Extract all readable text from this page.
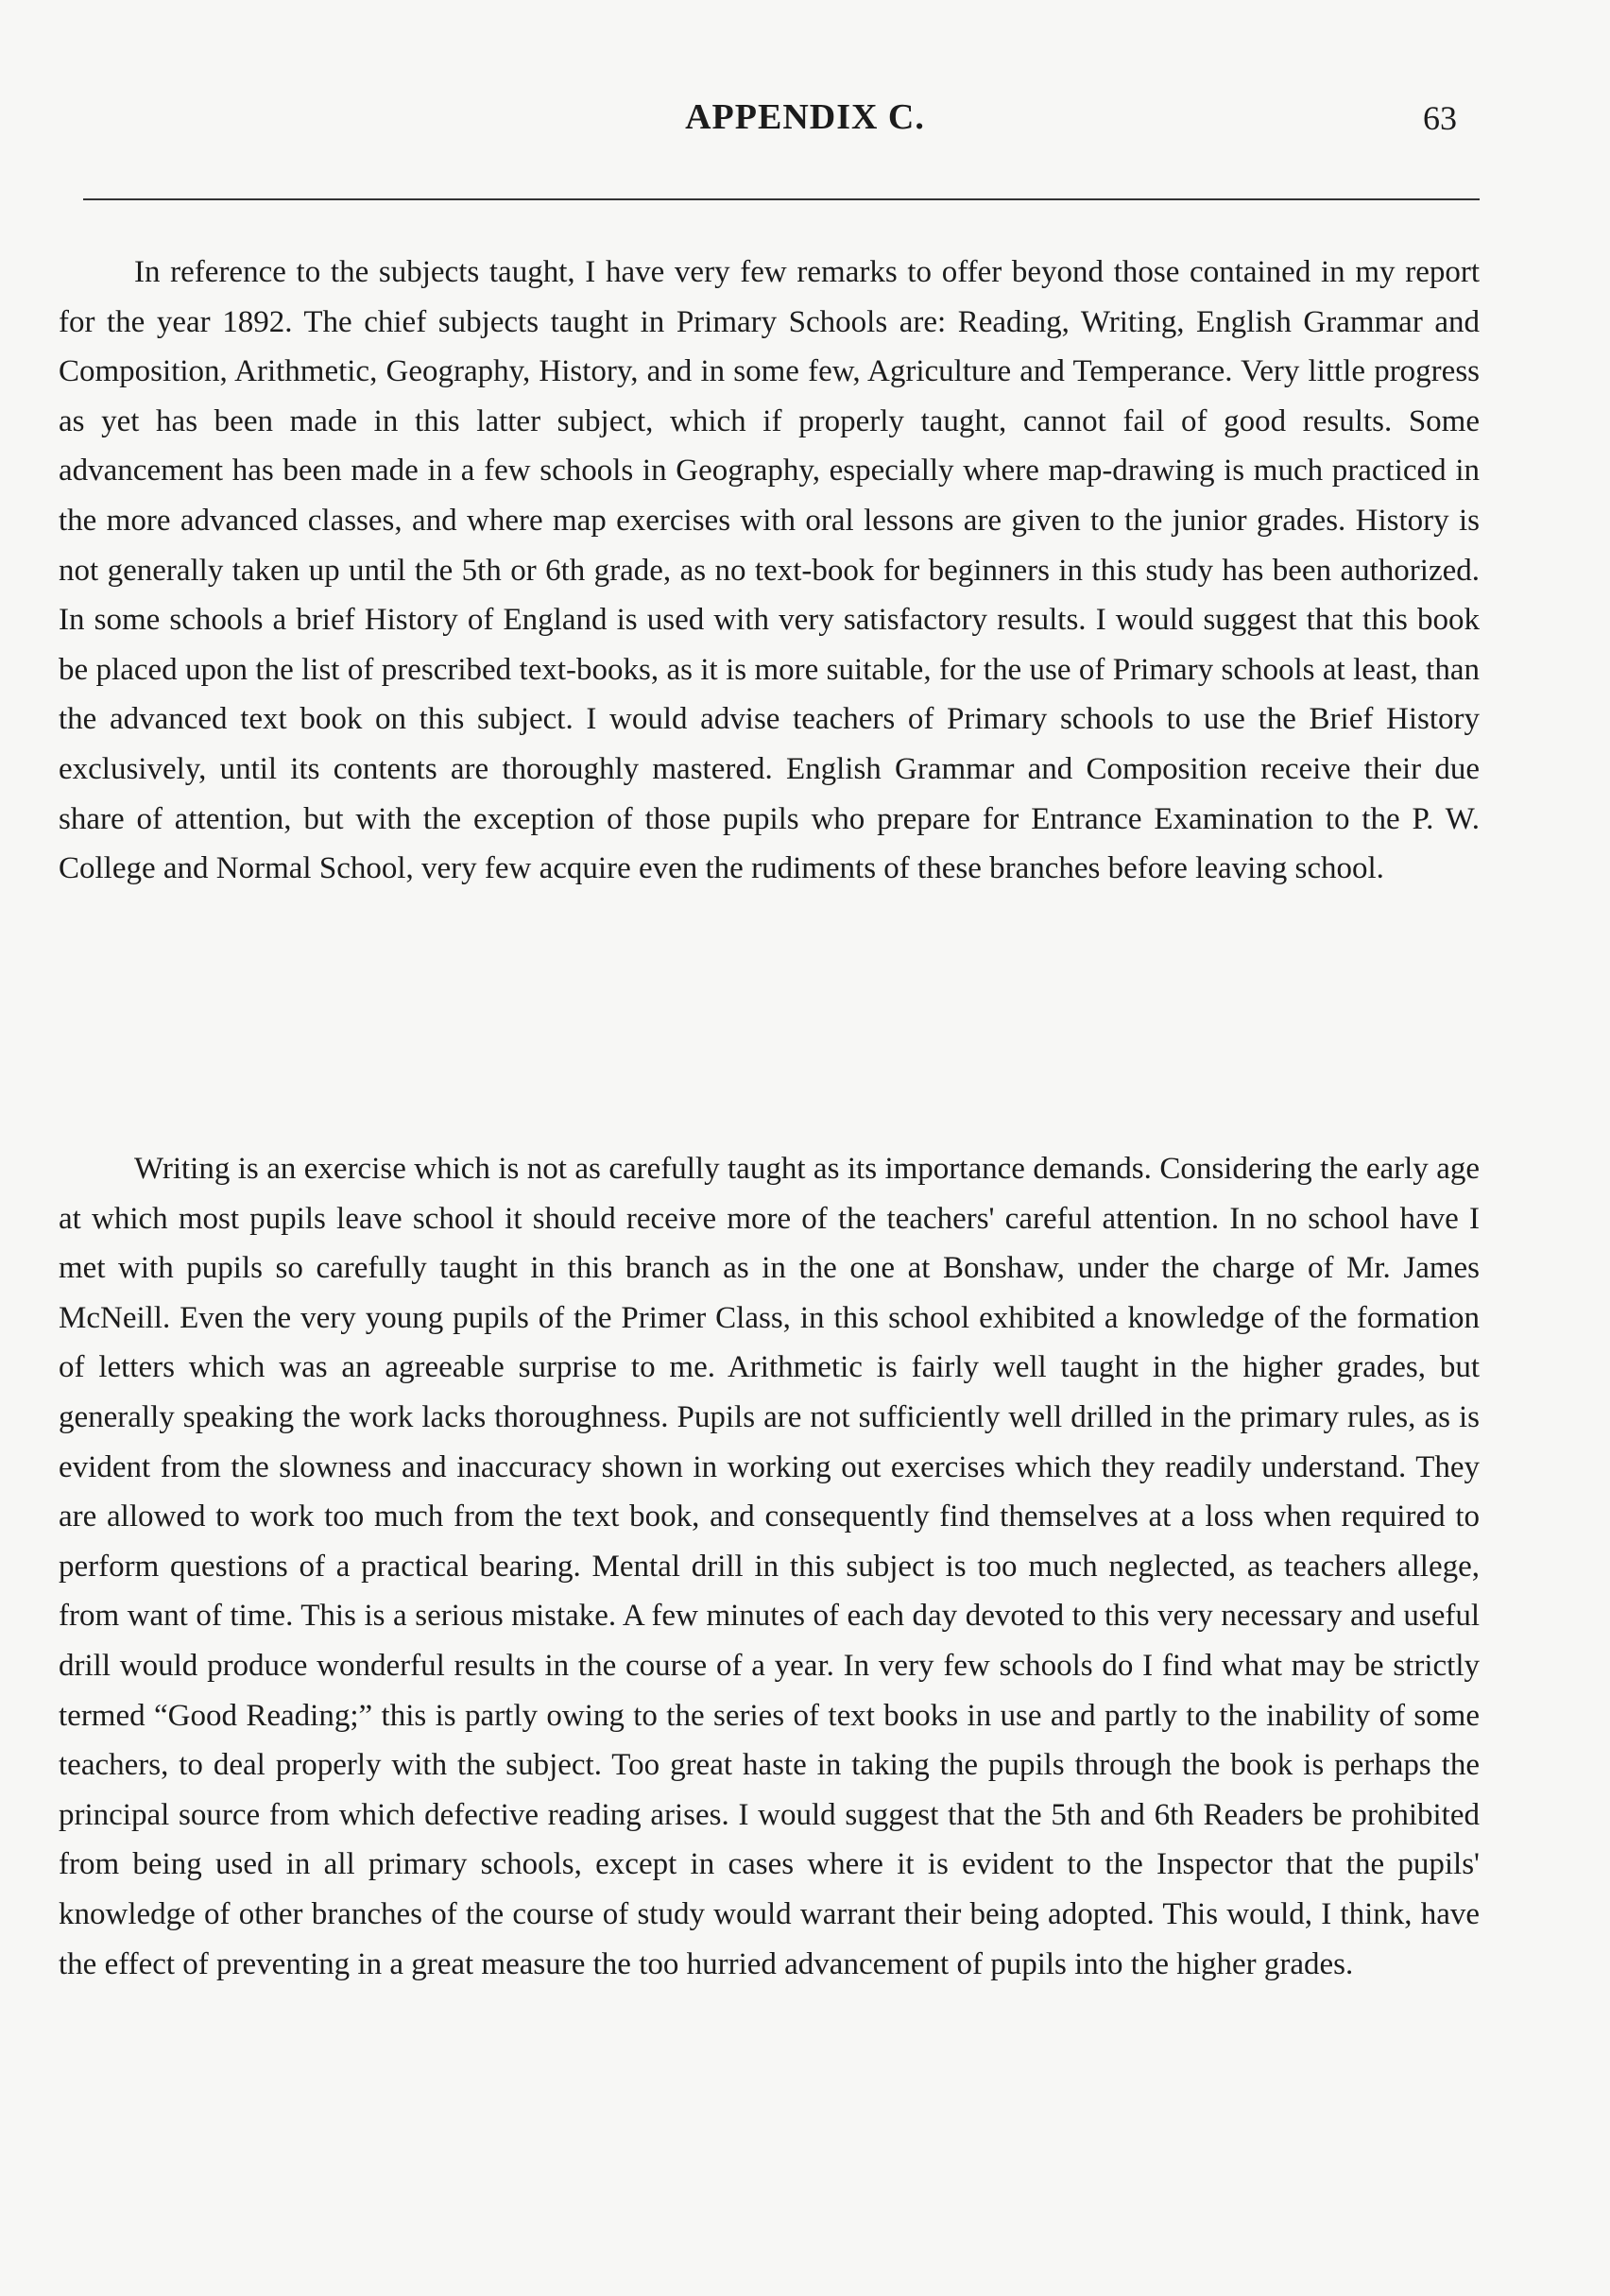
APPENDIX C.	63

In reference to the subjects taught, I have very few remarks to offer beyond those contained in my report for the year 1892. The chief subjects taught in Primary Schools are: Reading, Writing, English Grammar and Composition, Arithmetic, Geography, History, and in some few, Agriculture and Temperance. Very little progress as yet has been made in this latter subject, which if properly taught, cannot fail of good results. Some advancement has been made in a few schools in Geography, especially where map-drawing is much practiced in the more advanced classes, and where map exercises with oral lessons are given to the junior grades. History is not generally taken up until the 5th or 6th grade, as no text-book for beginners in this study has been authorized. In some schools a brief History of England is used with very satisfactory results. I would suggest that this book be placed upon the list of prescribed text-books, as it is more suitable, for the use of Primary schools at least, than the advanced text book on this subject. I would advise teachers of Primary schools to use the Brief History exclusively, until its contents are thoroughly mastered. English Grammar and Composition receive their due share of attention, but with the exception of those pupils who prepare for Entrance Examination to the P. W. College and Normal School, very few acquire even the rudiments of these branches before leaving school.

Writing is an exercise which is not as carefully taught as its importance demands. Considering the early age at which most pupils leave school it should receive more of the teachers' careful attention. In no school have I met with pupils so carefully taught in this branch as in the one at Bonshaw, under the charge of Mr. James McNeill. Even the very young pupils of the Primer Class, in this school exhibited a knowledge of the formation of letters which was an agreeable surprise to me. Arithmetic is fairly well taught in the higher grades, but generally speaking the work lacks thoroughness. Pupils are not sufficiently well drilled in the primary rules, as is evident from the slowness and inaccuracy shown in working out exercises which they readily understand. They are allowed to work too much from the text book, and consequently find themselves at a loss when required to perform questions of a practical bearing. Mental drill in this subject is too much neglected, as teachers allege, from want of time. This is a serious mistake. A few minutes of each day devoted to this very necessary and useful drill would produce wonderful results in the course of a year. In very few schools do I find what may be strictly termed “Good Reading;” this is partly owing to the series of text books in use and partly to the inability of some teachers, to deal properly with the subject. Too great haste in taking the pupils through the book is perhaps the principal source from which defective reading arises. I would suggest that the 5th and 6th Readers be prohibited from being used in all primary schools, except in cases where it is evident to the Inspector that the pupils' knowledge of other branches of the course of study would warrant their being adopted. This would, I think, have the effect of preventing in a great measure the too hurried advancement of pupils into the higher grades.
